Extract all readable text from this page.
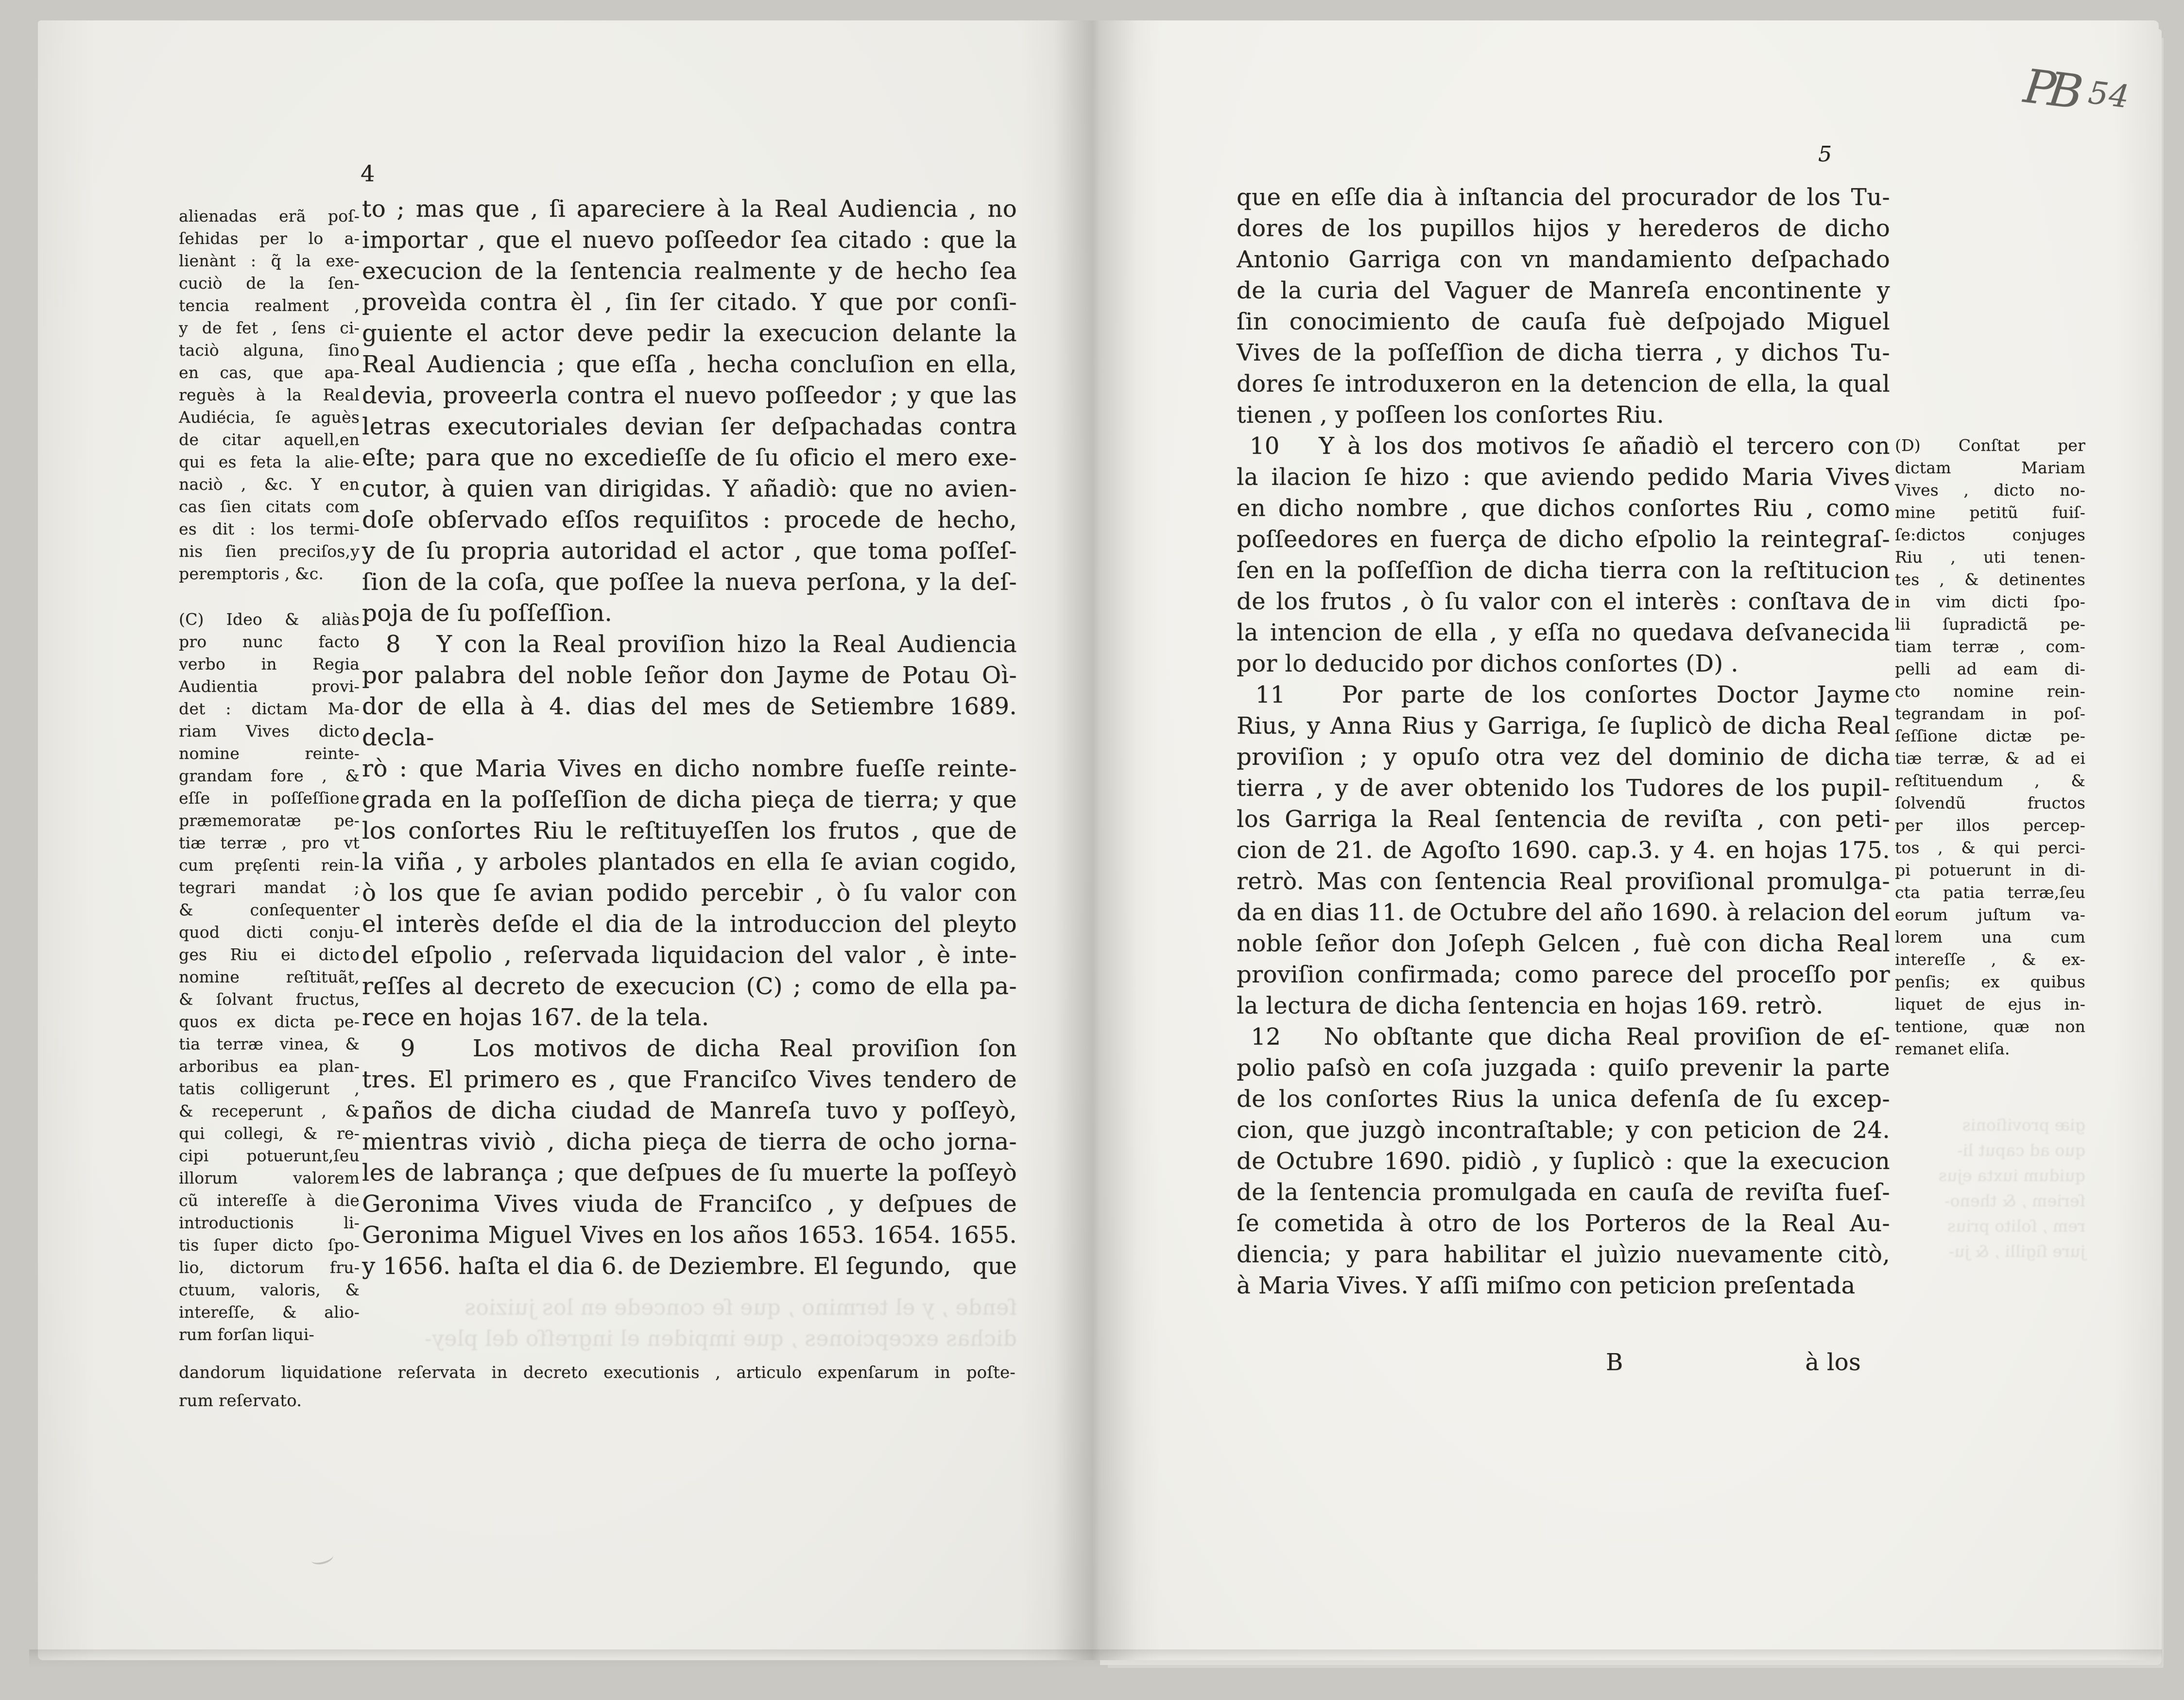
4
alienadas erã poſ-
ſehidas per lo a-
lienànt : q̃ la exe-
cuciò de la ſen-
tencia realment ,
y de fet , ſens ci-
taciò alguna, ſino
en cas, que apa-
reguès à la Real
Audiécia, ſe aguès
de citar aquell,en
qui es feta la alie-
naciò , &c. Y en
cas ſien citats com
es dit : los termi-
nis ſien preciſos,y
peremptoris , &c.
(C) Ideo & aliàs
pro nunc facto
verbo in Regia
Audientia provi-
det : dictam Ma-
riam Vives dicto
nomine reinte-
grandam fore , &
eſſe in poſſeſſione
præmemoratæ pe-
tiæ terræ , pro vt
cum pręſenti rein-
tegrari mandat ;
& conſequenter
quod dicti conju-
ges Riu ei dicto
nomine reſtituãt,
& ſolvant fructus,
quos ex dicta pe-
tia terræ vinea, &
arboribus ea plan-
tatis colligerunt ,
& receperunt , &
qui collegi, & re-
cipi potuerunt,ſeu
illorum valorem
cũ intereſſe à die
introductionis li-
tis ſuper dicto ſpo-
lio, dictorum fru-
ctuum, valoris, &
intereſſe, & alio-
rum forſan liqui-
to ; mas que , ſi apareciere à la Real Audiencia , no
importar , que el nuevo poſſeedor ſea citado : que la
execucion de la ſentencia realmente y de hecho ſea
proveìda contra èl , ſin ſer citado. Y que por conſi-
guiente el actor deve pedir la execucion delante la
Real Audiencia ; que eſſa , hecha concluſion en ella,
devia, proveerla contra el nuevo poſſeedor ; y que las
letras executoriales devian ſer deſpachadas contra
eſte; para que no excedieſſe de ſu oficio el mero exe-
cutor, à quien van dirigidas. Y añadiò: que no avien-
doſe obſervado eſſos requiſitos : procede de hecho,
y de ſu propria autoridad el actor , que toma poſſeſ-
ſion de la coſa, que poſſee la nueva perſona, y la deſ-
poja de ſu poſſeſſion.
8   Y con la Real proviſion hizo la Real Audiencia
por palabra del noble ſeñor don Jayme de Potau Oì-
dor de ella à 4. dias del mes de Setiembre 1689. decla-
rò : que Maria Vives en dicho nombre fueſſe reinte-
grada en la poſſeſſion de dicha pieça de tierra; y que
los conſortes Riu le reſtituyeſſen los frutos , que de
la viña , y arboles plantados en ella ſe avian cogido,
ò los que ſe avian podido percebir , ò ſu valor con
el interès deſde el dia de la introduccion del pleyto
del eſpolio , reſervada liquidacion del valor , è inte-
reſſes al decreto de execucion (C) ; como de ella pa-
rece en hojas 167. de la tela.
9   Los motivos de dicha Real proviſion ſon
tres. El primero es , que Franciſco Vives tendero de
paños de dicha ciudad de Manreſa tuvo y poſſeyò,
mientras viviò , dicha pieça de tierra de ocho jorna-
les de labrança ; que deſpues de ſu muerte la poſſeyò
Geronima Vives viuda de Franciſco , y deſpues de
Geronima Miguel Vives en los años 1653. 1654. 1655.
y 1656. haſta el dia 6. de Deziembre. El ſegundo, que
ſende , y el termino , que ſe concede en los juizios
dichas excepciones , que impiden el ingreſſo del pley-
dandorum liquidatione reſervata in decreto executionis , articulo expenſarum in poſte-
rum reſervato.
5
PB 54
que en eſſe dia à inſtancia del procurador de los Tu-
dores de los pupillos hijos y herederos de dicho
Antonio Garriga con vn mandamiento deſpachado
de la curia del Vaguer de Manreſa encontinente y
ſin conocimiento de cauſa fuè deſpojado Miguel
Vives de la poſſeſſion de dicha tierra , y dichos Tu-
dores ſe introduxeron en la detencion de ella, la qual
tienen , y poſſeen los conſortes Riu.
10   Y à los dos motivos ſe añadiò el tercero con
la ilacion ſe hizo : que aviendo pedido Maria Vives
en dicho nombre , que dichos conſortes Riu , como
poſſeedores en fuerça de dicho eſpolio la reintegraſ-
ſen en la poſſeſſion de dicha tierra con la reſtitucion
de los frutos , ò ſu valor con el interès : conſtava de
la intencion de ella , y eſſa no quedava deſvanecida
por lo deducido por dichos conſortes (D) .
11   Por parte de los conſortes Doctor Jayme
Rius, y Anna Rius y Garriga, ſe ſuplicò de dicha Real
proviſion ; y opuſo otra vez del dominio de dicha
tierra , y de aver obtenido los Tudores de los pupil-
los Garriga la Real ſentencia de reviſta , con peti-
cion de 21. de Agoſto 1690. cap.3. y 4. en hojas 175.
retrò. Mas con ſentencia Real proviſional promulga-
da en dias 11. de Octubre del año 1690. à relacion del
noble ſeñor don Joſeph Gelcen , fuè con dicha Real
proviſion confirmada; como parece del proceſſo por
la lectura de dicha ſentencia en hojas 169. retrò.
12   No obſtante que dicha Real proviſion de eſ-
polio paſsò en coſa juzgada : quiſo prevenir la parte
de los conſortes Rius la unica defenſa de ſu excep-
cion, que juzgò incontraſtable; y con peticion de 24.
de Octubre 1690. pidiò , y ſuplicò : que la execucion
de la ſentencia promulgada en cauſa de reviſta fueſ-
ſe cometida à otro de los Porteros de la Real Au-
diencia; y para habilitar el juìzio nuevamente citò,
à Maria Vives. Y aſſi miſmo con peticion preſentada
(D) Conſtat per
dictam Mariam
Vives , dicto no-
mine petitũ fuiſ-
ſe:dictos conjuges
Riu , uti tenen-
tes , & detinentes
in vim dicti ſpo-
lii ſupradictã pe-
tiam terræ , com-
pelli ad eam di-
cto nomine rein-
tegrandam in poſ-
ſeſſione dictæ pe-
tiæ terræ, & ad ei
reſtituendum , &
ſolvendũ fructos
per illos percep-
tos , & qui perci-
pi potuerunt in di-
cta patia terræ,ſeu
eorum juſtum va-
lorem una cum
intereſſe , & ex-
penſis; ex quibus
liquet de ejus in-
tentione, quæ non
remanet eliſa.
giæ proviſionis
quo ad caput li-
quidum iuxta ejus
ſeriem , & theno-
rem , ſolito prius
jure ſigilli , & ju-
B	à los
